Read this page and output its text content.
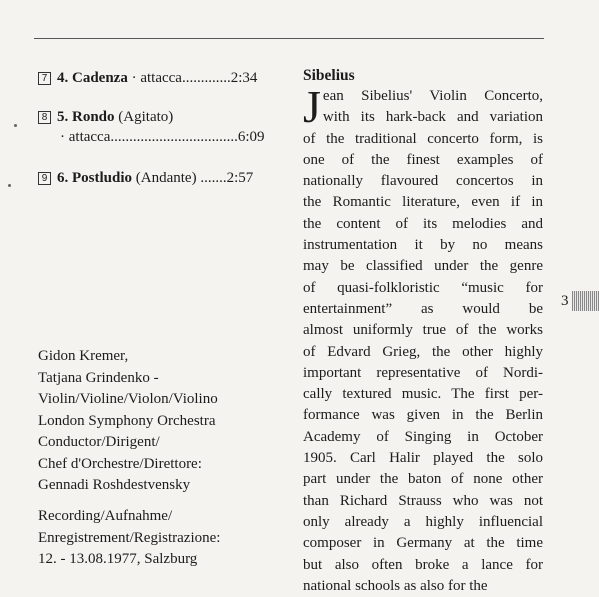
7 4. Cadenza · attacca.............2:34
8 5. Rondo (Agitato)
· attacca..................................6:09
9 6. Postludio (Andante) .......2:57
Gidon Kremer,
Tatjana Grindenko -
Violin/Violine/Violon/Violino
London Symphony Orchestra
Conductor/Dirigent/
Chef d'Orchestre/Direttore:
Gennadi Roshdestvensky
Recording/Aufnahme/
Enregistrement/Registrazione:
12. - 13.08.1977, Salzburg
Sibelius
J ean Sibelius' Violin Concerto,
with its hark-back and variation
of the traditional concerto form, is
one of the finest examples of
nationally flavoured concertos in
the Romantic literature, even if in
the content of its melodies and
instrumentation it by no means
may be classified under the genre
of quasi-folkloristic “music for
entertainment” as would be
almost uniformly true of the works
of Edvard Grieg, the other highly
important representative of Nordi-
cally textured music. The first per-
formance was given in the Berlin
Academy of Singing in October
1905. Carl Halir played the solo
part under the baton of none other
than Richard Strauss who was not
only already a highly influencial
composer in Germany at the time
but also often broke a lance for
national schools as also for the
3
